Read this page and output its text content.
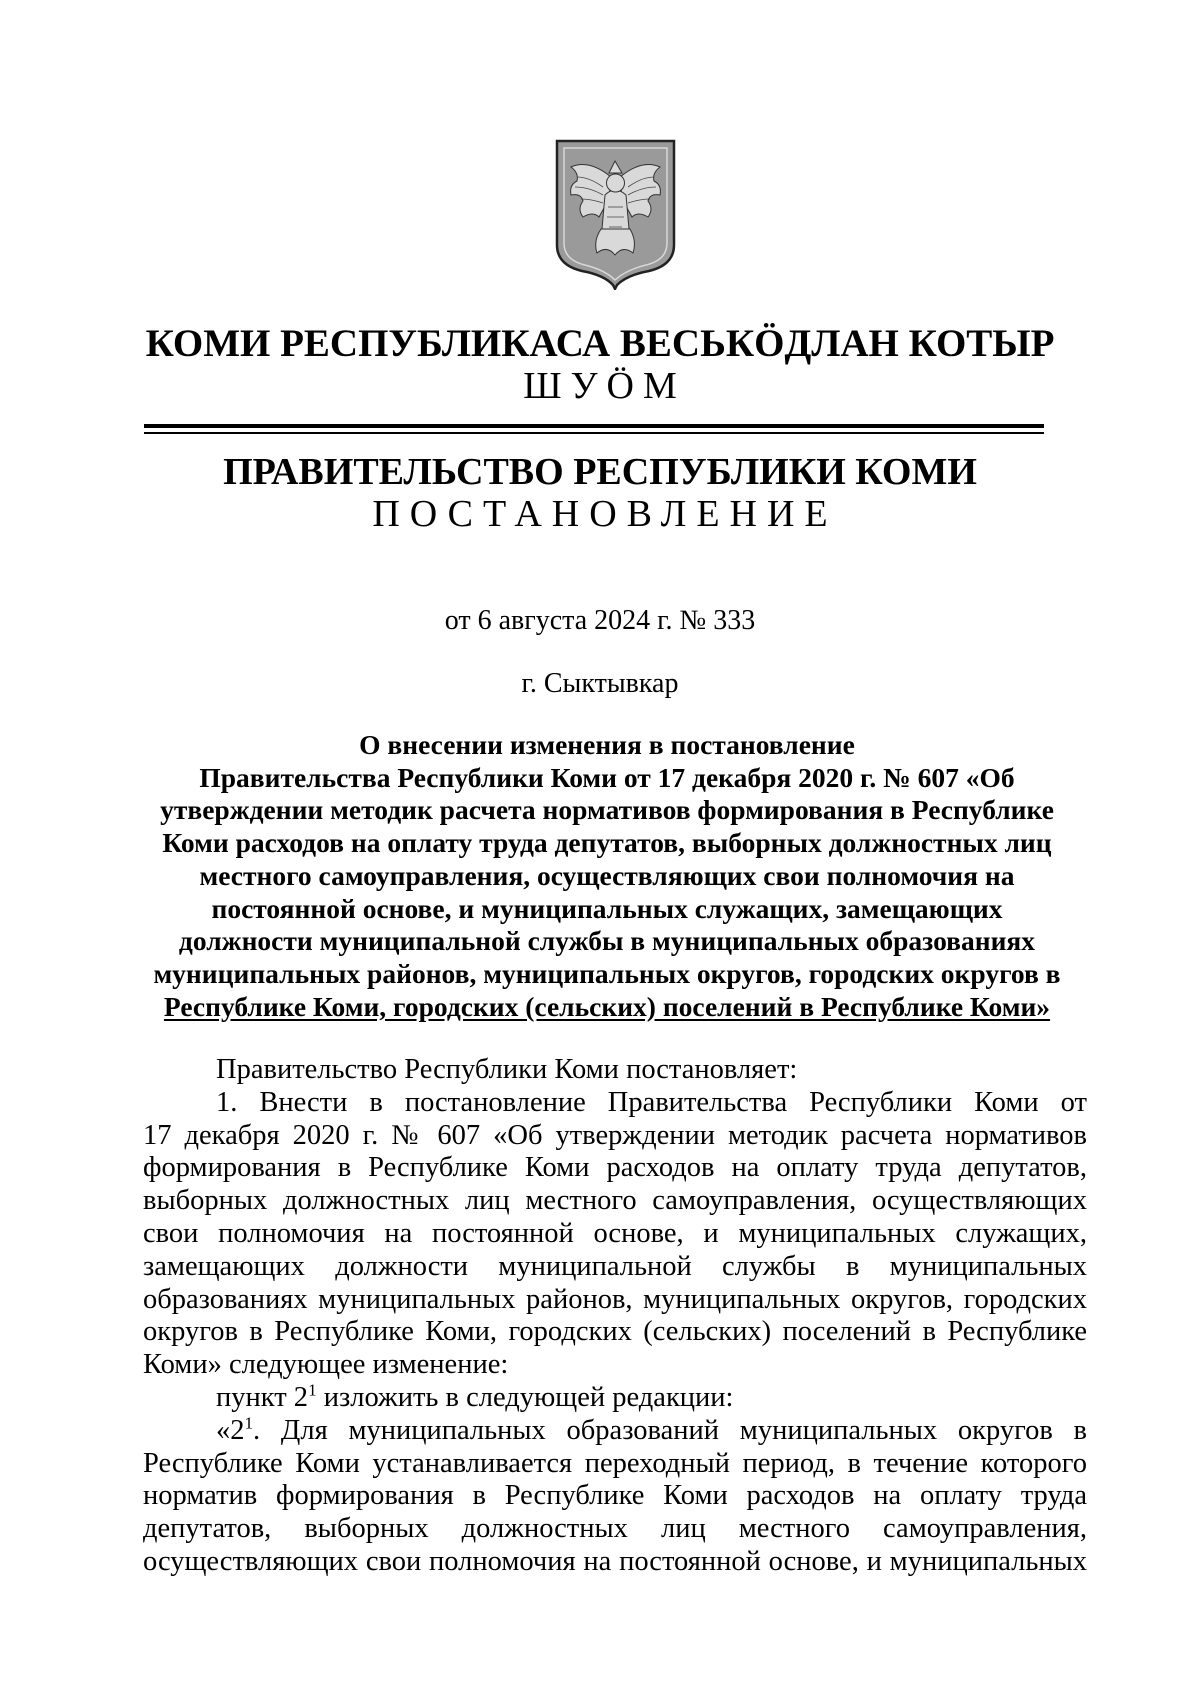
КОМИ РЕСПУБЛИКАСА ВЕСЬКӦДЛАН КОТЫР
ШУӦМ
ПРАВИТЕЛЬСТВО РЕСПУБЛИКИ КОМИ
ПОСТАНОВЛЕНИЕ
от 6 августа 2024 г. № 333
г. Сыктывкар
О внесении изменения в постановление
Правительства Республики Коми от 17 декабря 2020 г. № 607 «Об
утверждении методик расчета нормативов формирования в Республике
Коми расходов на оплату труда депутатов, выборных должностных лиц
местного самоуправления, осуществляющих свои полномочия на
постоянной основе, и муниципальных служащих, замещающих
должности муниципальной службы в муниципальных образованиях
муниципальных районов, муниципальных округов, городских округов в
Республике Коми, городских (сельских) поселений в Республике Коми»
Правительство Республики Коми постановляет:
1. Внести в постановление Правительства Республики Коми от
17 декабря 2020 г. № 607 «Об утверждении методик расчета нормативов
формирования в Республике Коми расходов на оплату труда депутатов,
выборных должностных лиц местного самоуправления, осуществляющих
свои полномочия на постоянной основе, и муниципальных служащих,
замещающих должности муниципальной службы в муниципальных
образованиях муниципальных районов, муниципальных округов, городских
округов в Республике Коми, городских (сельских) поселений в Республике
Коми» следующее изменение:
пункт $2^1$ изложить в следующей редакции:
«$2^1$. Для муниципальных образований муниципальных округов в
Республике Коми устанавливается переходный период, в течение которого
норматив формирования в Республике Коми расходов на оплату труда
депутатов, выборных должностных лиц местного самоуправления,
осуществляющих свои полномочия на постоянной основе, и муниципальных
